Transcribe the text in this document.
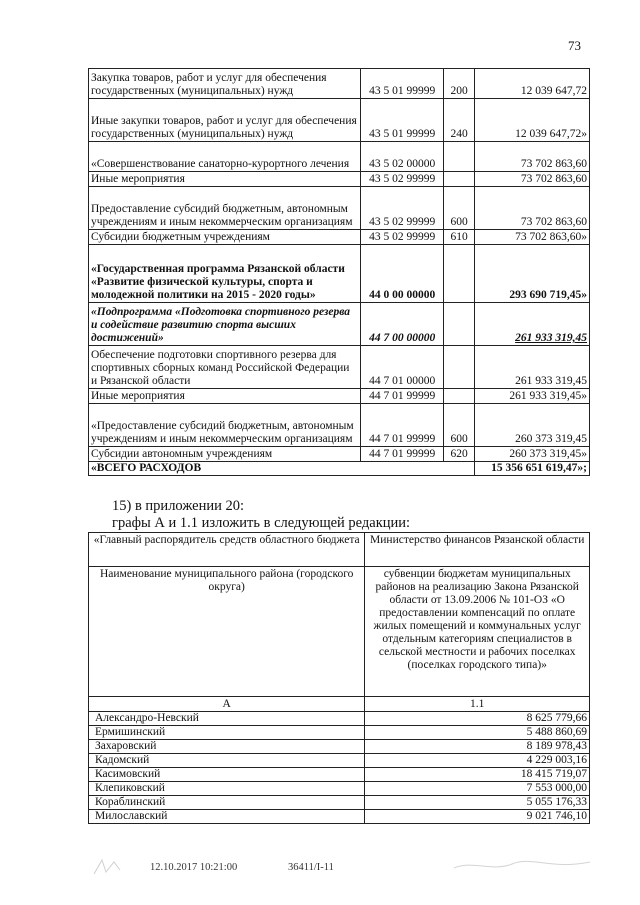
73
Закупка товаров, работ и услуг для обеспечения государственных (муниципальных) нужд	43 5 01 99999	200	12 039 647,72
Иные закупки товаров, работ и услуг для обеспечения государственных (муниципальных) нужд	43 5 01 99999	240	12 039 647,72»
«Совершенствование санаторно-курортного лечения	43 5 02 00000		73 702 863,60
Иные мероприятия	43 5 02 99999		73 702 863,60
Предоставление субсидий бюджетным, автономным учреждениям и иным некоммерческим организациям	43 5 02 99999	600	73 702 863,60
Субсидии бюджетным учреждениям	43 5 02 99999	610	73 702 863,60»
«Государственная программа Рязанской области «Развитие физической культуры, спорта и молодежной политики на 2015 - 2020 годы»	44 0 00 00000		293 690 719,45»
«Подпрограмма «Подготовка спортивного резерва и содействие развитию спорта высших достижений»	44 7 00 00000		261 933 319,45
Обеспечение подготовки спортивного резерва для спортивных сборных команд Российской Федерации и Рязанской области	44 7 01 00000		261 933 319,45
Иные мероприятия	44 7 01 99999		261 933 319,45»
«Предоставление субсидий бюджетным, автономным учреждениям и иным некоммерческим организациям	44 7 01 99999	600	260 373 319,45
Субсидии автономным учреждениям	44 7 01 99999	620	260 373 319,45»
«ВСЕГО РАСХОДОВ			15 356 651 619,47»;
15) в приложении 20:
графы А и 1.1 изложить в следующей редакции:
«Главный распорядитель средств областного бюджета	Министерство финансов Рязанской области
Наименование муниципального района (городского округа)	субвенции бюджетам муниципальных районов на реализацию Закона Рязанской области от 13.09.2006 № 101-ОЗ «О предоставлении компенсаций по оплате жилых помещений и коммунальных услуг отдельным категориям специалистов в сельской местности и рабочих поселках (поселках городского типа)»
А	1.1
Александро-Невский	8 625 779,66
Ермишинский	5 488 860,69
Захаровский	8 189 978,43
Кадомский	4 229 003,16
Касимовский	18 415 719,07
Клепиковский	7 553 000,00
Кораблинский	5 055 176,33
Милославский	9 021 746,10
12.10.2017 10:21:00	36411/I-11
